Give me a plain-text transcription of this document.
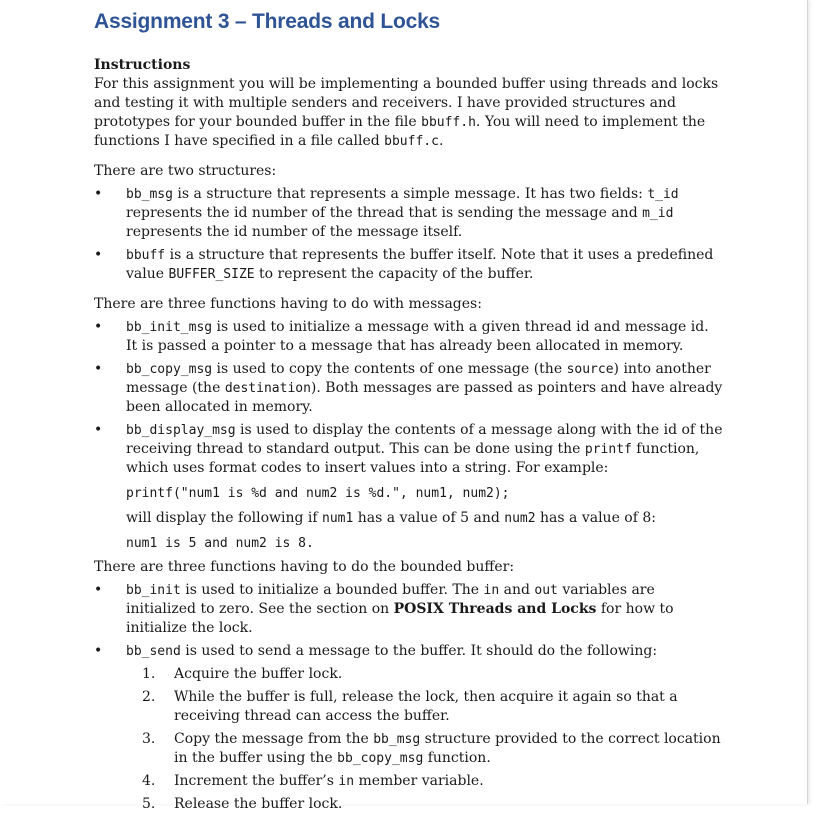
Assignment 3 – Threads and Locks

Instructions

For this assignment you will be implementing a bounded buffer using threads and locks and testing it with multiple senders and receivers. I have provided structures and prototypes for your bounded buffer in the file bbuff.h. You will need to implement the functions I have specified in a file called bbuff.c.

There are two structures:

• bb_msg is a structure that represents a simple message. It has two fields: t_id represents the id number of the thread that is sending the message and m_id represents the id number of the message itself.
• bbuff is a structure that represents the buffer itself. Note that it uses a predefined value BUFFER_SIZE to represent the capacity of the buffer.

There are three functions having to do with messages:

• bb_init_msg is used to initialize a message with a given thread id and message id. It is passed a pointer to a message that has already been allocated in memory.
• bb_copy_msg is used to copy the contents of one message (the source) into another message (the destination). Both messages are passed as pointers and have already been allocated in memory.
• bb_display_msg is used to display the contents of a message along with the id of the receiving thread to standard output. This can be done using the printf function, which uses format codes to insert values into a string. For example:
printf("num1 is %d and num2 is %d.", num1, num2);
will display the following if num1 has a value of 5 and num2 has a value of 8:
num1 is 5 and num2 is 8.

There are three functions having to do the bounded buffer:

• bb_init is used to initialize a bounded buffer. The in and out variables are initialized to zero. See the section on POSIX Threads and Locks for how to initialize the lock.
• bb_send is used to send a message to the buffer. It should do the following:
1. Acquire the buffer lock.
2. While the buffer is full, release the lock, then acquire it again so that a receiving thread can access the buffer.
3. Copy the message from the bb_msg structure provided to the correct location in the buffer using the bb_copy_msg function.
4. Increment the buffer’s in member variable.
5. Release the buffer lock.
